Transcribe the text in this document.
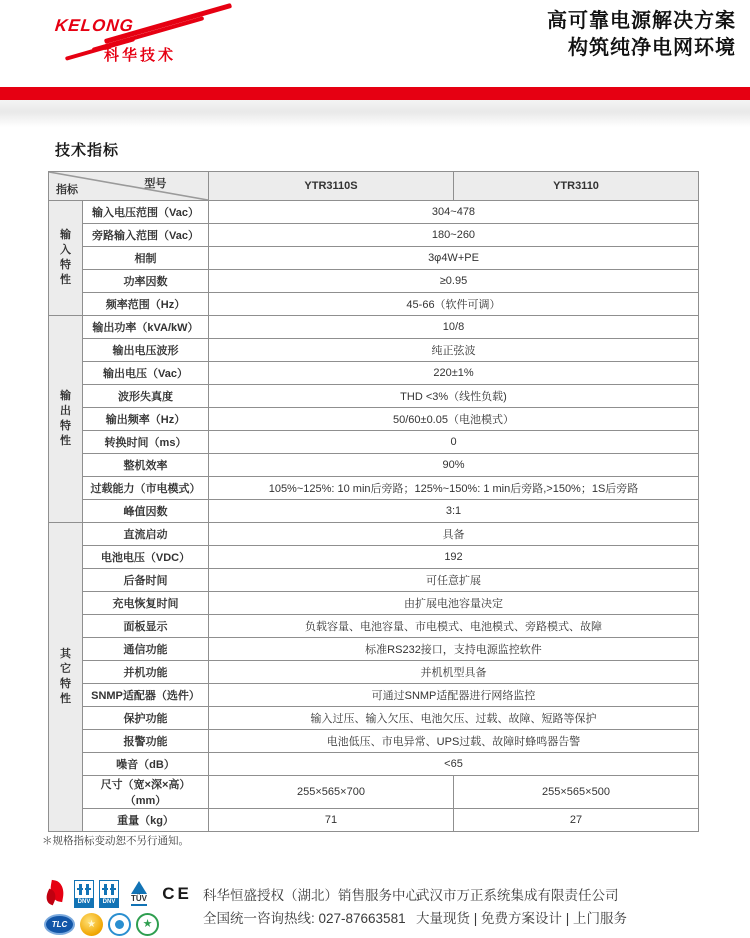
KELONG
科华技术
高可靠电源解决方案
构筑纯净电网环境
技术指标
型号
指标		YTR3110S	YTR3110

输
入
特
性	输入电压范围（Vac）	304~478	
	旁路输入范围（Vac）	180~260	
	相制	3φ4W+PE	
	功率因数	≥0.95	
	频率范围（Hz）	45-66（软件可调）	

输
出
特
性	输出功率（kVA/kW）	10/8	
	输出电压波形	纯正弦波	
	输出电压（Vac）	220±1%	
	波形失真度	THD <3%（线性负载)	
	输出频率（Hz）	50/60±0.05（电池模式）	
	转换时间（ms）	0	
	整机效率	90%	
	过载能力（市电模式）	105%~125%: 10 min后旁路；125%~150%: 1 min后旁路,>150%；1S后旁路	
	峰值因数	3:1	

其
它
特
性	直流启动	具备	
	电池电压（VDC）	192	
	后备时间	可任意扩展	
	充电恢复时间	由扩展电池容量决定	
	面板显示	负载容量、电池容量、市电模式、电池模式、旁路模式、故障	
	通信功能	标准RS232接口，支持电源监控软件	
	并机功能	并机机型具备	
	SNMP适配器（选件）	可通过SNMP适配器进行网络监控	
	保护功能	输入过压、输入欠压、电池欠压、过载、故障、短路等保护	
	报警功能	电池低压、市电异常、UPS过载、故障时蜂鸣器告警	
	噪音（dB）	<65	
	尺寸（宽×深×高）（mm）	255×565×700	255×565×500
	重量（kg）	71	27
＊规格指标变动恕不另行通知。
DNV	DNV	TÜV CE
TLC ★	★
科华恒盛授权（湖北）销售服务中心
全国统一咨询热线: 027-87663581
武汉市万正系统集成有限责任公司
大量现货 | 免费方案设计 | 上门服务
